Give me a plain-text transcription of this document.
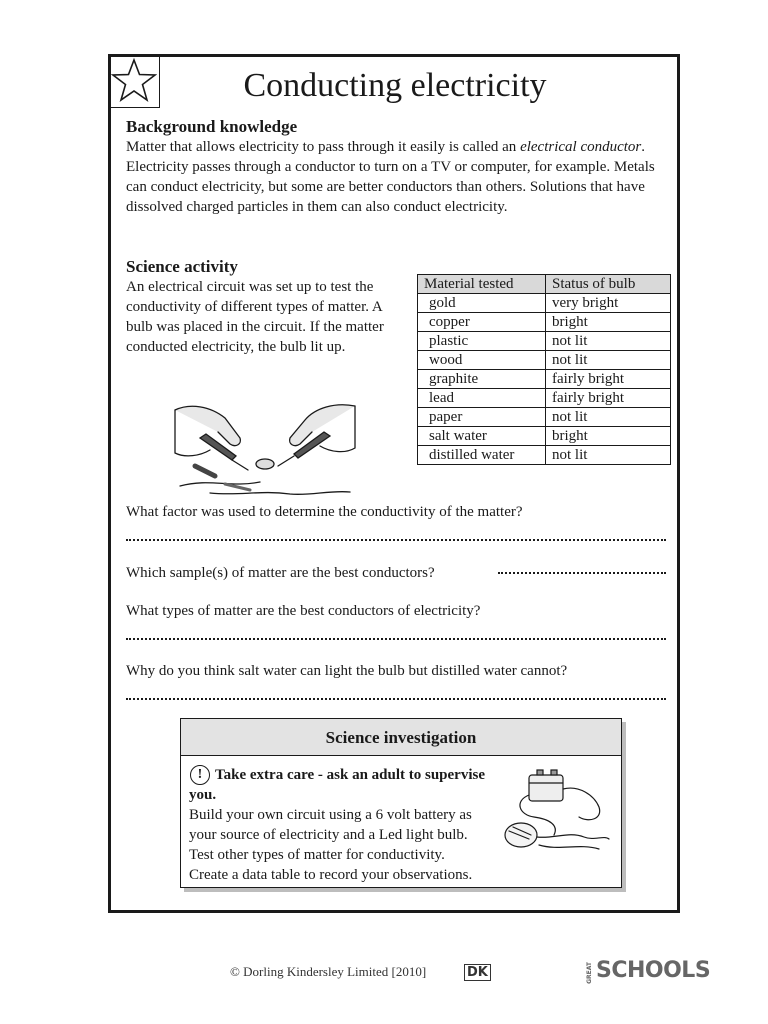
Conducting electricity
Background knowledge
Matter that allows electricity to pass through it easily is called an electrical conductor. Electricity passes through a conductor to turn on a TV or computer, for example. Metals can conduct electricity, but some are better conductors than others. Solutions that have dissolved charged particles in them can also conduct electricity.
Science activity
An electrical circuit was set up to test the conductivity of different types of matter. A bulb was placed in the circuit. If the matter conducted electricity, the bulb lit up.
Material tested	Status of bulb
gold	very bright
copper	bright
plastic	not lit
wood	not lit
graphite	fairly bright
lead	fairly bright
paper	not lit
salt water	bright
distilled water	not lit
What factor was used to determine the conductivity of the matter?
Which sample(s) of matter are the best conductors?
What types of matter are the best conductors of electricity?
Why do you think salt water can light the bulb but distilled water cannot?
Science investigation
! Take extra care - ask an adult to supervise you.
Build your own circuit using a 6 volt battery as
your source of electricity and a Led light bulb.
Test other types of matter for conductivity.
Create a data table to record your observations.
© Dorling Kindersley Limited [2010]	DK	GREAT SCHOOLS
